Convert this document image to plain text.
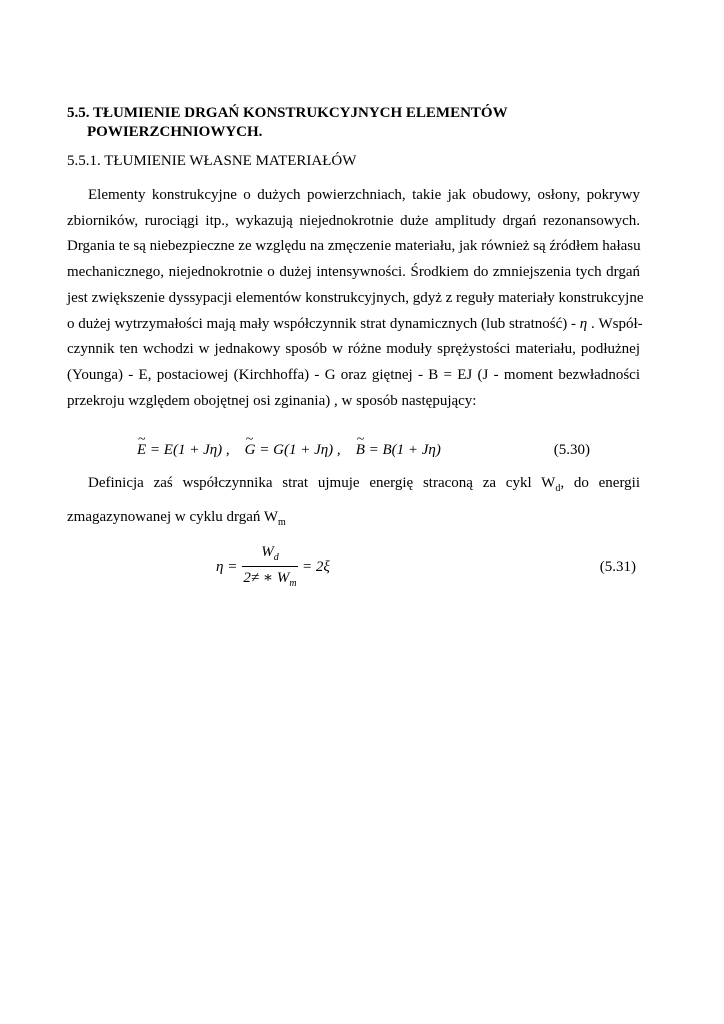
5.5. TŁUMIENIE DRGAŃ KONSTRUKCYJNYCH ELEMENTÓW
POWIERZCHNIOWYCH.
5.5.1. TŁUMIENIE WŁASNE MATERIAŁÓW
Elementy konstrukcyjne o dużych powierzchniach, takie jak obudowy, osłony, pokrywy
zbiorników, rurociągi itp., wykazują niejednokrotnie duże amplitudy drgań rezonansowych.
Drgania te są niebezpieczne ze względu na zmęczenie materiału, jak również są źródłem hałasu
mechanicznego, niejednokrotnie o dużej intensywności. Środkiem do zmniejszenia tych drgań
jest zwiększenie dyssypacji elementów konstrukcyjnych, gdyż z reguły materiały konstrukcyjne
o dużej wytrzymałości mają mały współczynnik strat dynamicznych (lub stratność) - η . Współ-
czynnik ten wchodzi w jednakowy sposób w różne moduły sprężystości materiału, podłużnej
(Younga) - E, postaciowej (Kirchhoffa) - G oraz giętnej - B = EJ (J - moment bezwładności
przekroju względem obojętnej osi zginania) , w sposób następujący:
~ E = E(1 + Jη) , ~ G = G(1 + Jη) , ~ B = B(1 + Jη)	(5.30)
Definicja zaś współczynnika strat ujmuje energię straconą za cykl $W_d$, do energii
zmagazynowanej w cyklu drgań $W_m$
η =
$W_d$
2≠ ∗ $W_m$
= 2ξ	(5.31)
